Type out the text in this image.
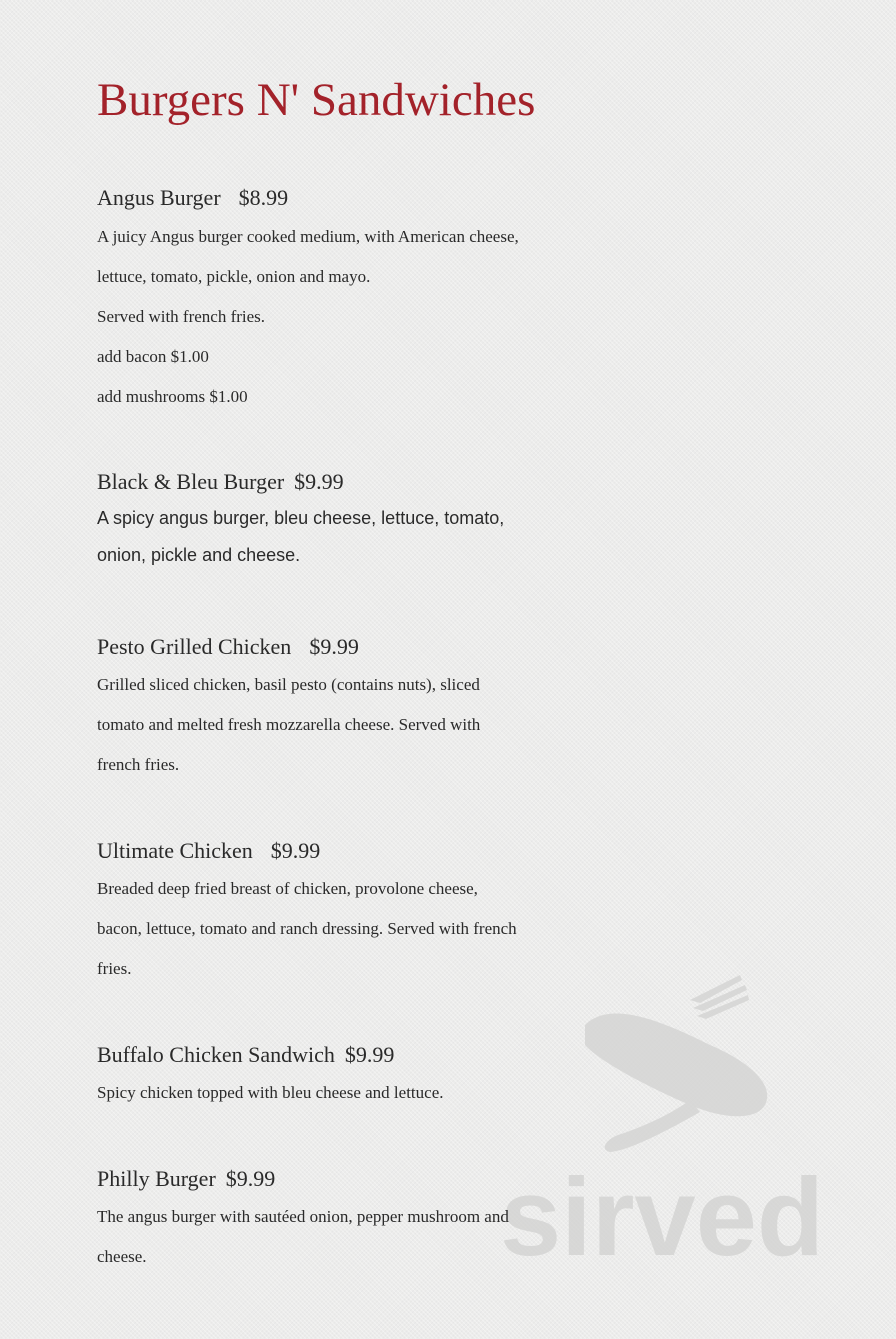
sirved
Burgers N' Sandwiches
Angus Burger $8.99
A juicy Angus burger cooked medium, with American cheese,
lettuce, tomato, pickle, onion and mayo.
Served with french fries.
add bacon $1.00
add mushrooms $1.00
Black & Bleu Burger $9.99
A spicy angus burger, bleu cheese, lettuce, tomato,
onion, pickle and cheese.
Pesto Grilled Chicken $9.99
Grilled sliced chicken, basil pesto (contains nuts), sliced
tomato and melted fresh mozzarella cheese. Served with
french fries.
Ultimate Chicken $9.99
Breaded deep fried breast of chicken, provolone cheese,
bacon, lettuce, tomato and ranch dressing. Served with french
fries.
Buffalo Chicken Sandwich $9.99
Spicy chicken topped with bleu cheese and lettuce.
Philly Burger $9.99
The angus burger with sautéed onion, pepper mushroom and
cheese.
